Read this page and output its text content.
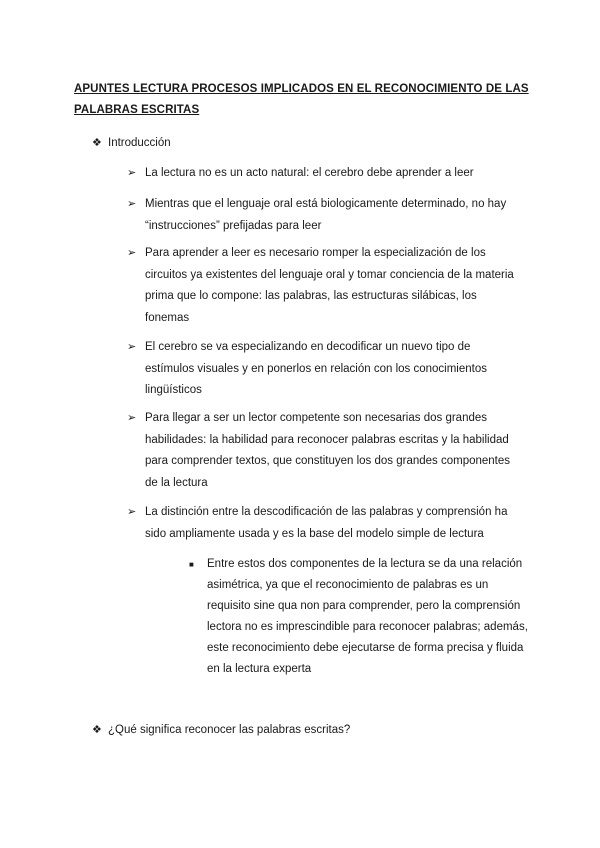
APUNTES LECTURA PROCESOS IMPLICADOS EN EL RECONOCIMIENTO DE LAS PALABRAS ESCRITAS
❖ Introducción
➢ La lectura no es un acto natural: el cerebro debe aprender a leer
➢ Mientras que el lenguaje oral está biologicamente determinado, no hay “instrucciones” prefijadas para leer
➢ Para aprender a leer es necesario romper la especialización de los circuitos ya existentes del lenguaje oral y tomar conciencia de la materia prima que lo compone: las palabras, las estructuras silábicas, los fonemas
➢ El cerebro se va especializando en decodificar un nuevo tipo de estímulos visuales y en ponerlos en relación con los conocimientos lingüísticos
➢ Para llegar a ser un lector competente son necesarias dos grandes habilidades: la habilidad para reconocer palabras escritas y la habilidad para comprender textos, que constituyen los dos grandes componentes de la lectura
➢ La distinción entre la descodificación de las palabras y comprensión ha sido ampliamente usada y es la base del modelo simple de lectura
■	Entre estos dos componentes de la lectura se da una relación asimétrica, ya que el reconocimiento de palabras es un requisito sine qua non para comprender, pero la comprensión lectora no es imprescindible para reconocer palabras; además, este reconocimiento debe ejecutarse de forma precisa y fluida en la lectura experta
❖ ¿Qué significa reconocer las palabras escritas?
